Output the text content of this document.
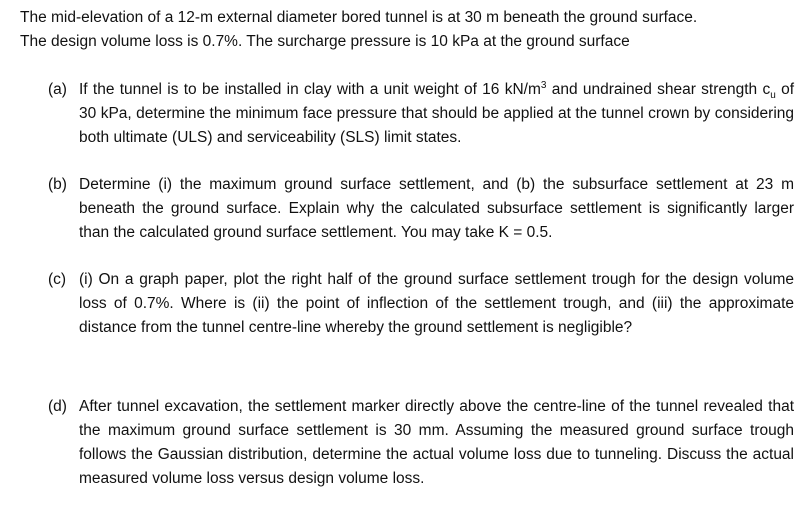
The mid-elevation of a 12-m external diameter bored tunnel is at 30 m beneath the ground surface.

The design volume loss is 0.7%. The surcharge pressure is 10 kPa at the ground surface

(a) If the tunnel is to be installed in clay with a unit weight of 16 $kN/m^3$ and undrained shear strength $c_u$ of 30 kPa, determine the minimum face pressure that should be applied at the tunnel crown by considering both ultimate (ULS) and serviceability (SLS) limit states.

(b) Determine (i) the maximum ground surface settlement, and (b) the subsurface settlement at 23 m beneath the ground surface. Explain why the calculated subsurface settlement is significantly larger than the calculated ground surface settlement. You may take K = 0.5.

(c) (i) On a graph paper, plot the right half of the ground surface settlement trough for the design volume loss of 0.7%. Where is (ii) the point of inflection of the settlement trough, and (iii) the approximate distance from the tunnel centre-line whereby the ground settlement is negligible?

(d) After tunnel excavation, the settlement marker directly above the centre-line of the tunnel revealed that the maximum ground surface settlement is 30 mm. Assuming the measured ground surface trough follows the Gaussian distribution, determine the actual volume loss due to tunneling. Discuss the actual measured volume loss versus design volume loss.
